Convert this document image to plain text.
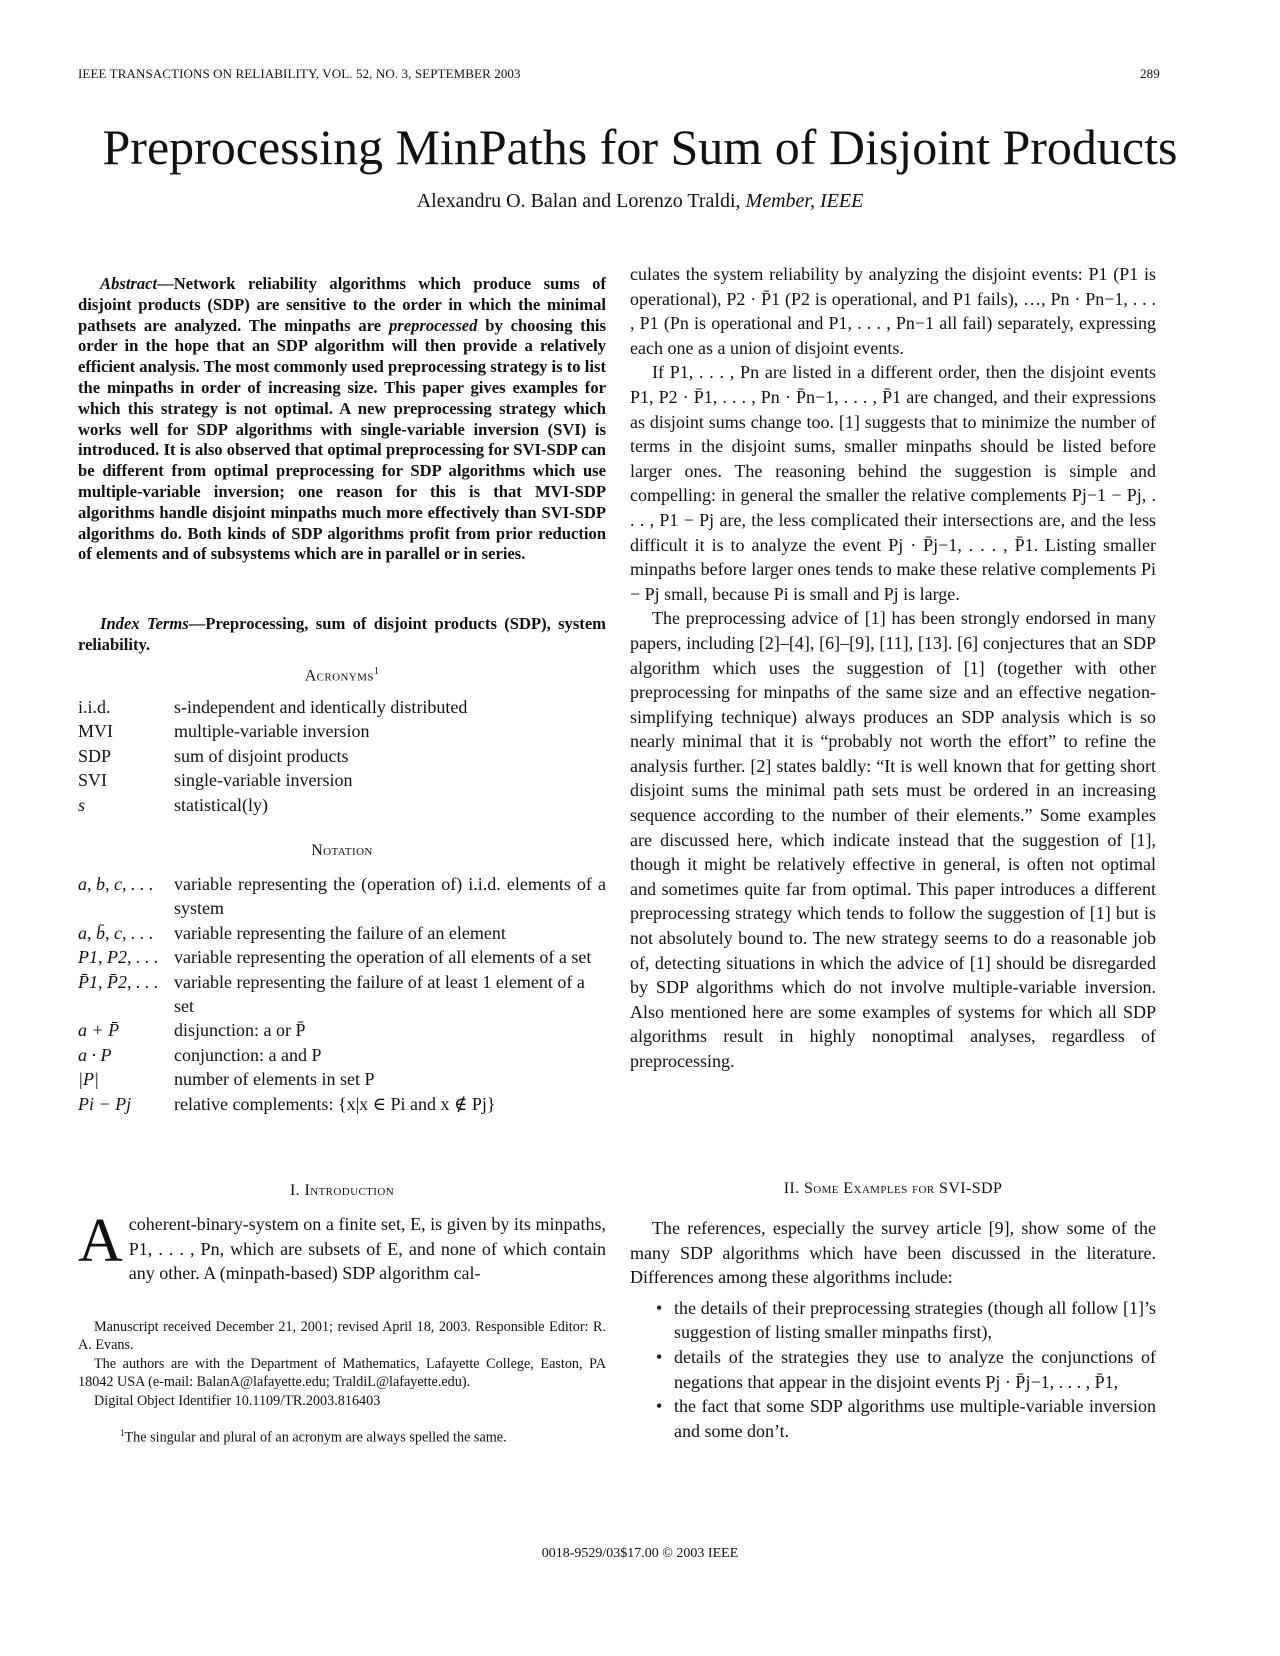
IEEE TRANSACTIONS ON RELIABILITY, VOL. 52, NO. 3, SEPTEMBER 2003	289
Preprocessing MinPaths for Sum of Disjoint Products
Alexandru O. Balan and Lorenzo Traldi, Member, IEEE
Abstract—Network reliability algorithms which produce sums of disjoint products (SDP) are sensitive to the order in which the minimal pathsets are analyzed. The minpaths are preprocessed by choosing this order in the hope that an SDP algorithm will then provide a relatively efficient analysis. The most commonly used preprocessing strategy is to list the minpaths in order of increasing size. This paper gives examples for which this strategy is not optimal. A new preprocessing strategy which works well for SDP algorithms with single-variable inversion (SVI) is introduced. It is also observed that optimal preprocessing for SVI-SDP can be different from optimal preprocessing for SDP algorithms which use multiple-variable inversion; one reason for this is that MVI-SDP algorithms handle disjoint minpaths much more effectively than SVI-SDP algorithms do. Both kinds of SDP algorithms profit from prior reduction of elements and of subsystems which are in parallel or in series.
Index Terms—Preprocessing, sum of disjoint products (SDP), system reliability.
Acronyms$^1$
i.i.d.	s-independent and identically distributed
MVI	multiple-variable inversion
SDP	sum of disjoint products
SVI	single-variable inversion
s	statistical(ly)
Notation
a, b, c, . . .	variable representing the (operation of) i.i.d. elements of a system
a, b̄, c, . . .	variable representing the failure of an element
P1, P2, . . .	variable representing the operation of all elements of a set
P̄1, P̄2, . . .	variable representing the failure of at least 1 element of a set
a + P̄	disjunction: a or P̄
a · P	conjunction: a and P
|P|	number of elements in set P
Pi − Pj	relative complements: {x|x ∈ Pi and x ∉ Pj}
I. Introduction
Acoherent-binary-system on a finite set, E, is given by its minpaths, P1, . . . , Pn, which are subsets of E, and none of which contain any other. A (minpath-based) SDP algorithm cal-

Manuscript received December 21, 2001; revised April 18, 2003. Responsible Editor: R. A. Evans.

The authors are with the Department of Mathematics, Lafayette College, Easton, PA 18042 USA (e-mail: BalanA@lafayette.edu; TraldiL@lafayette.edu).

Digital Object Identifier 10.1109/TR.2003.816403

$^1$The singular and plural of an acronym are always spelled the same.

culates the system reliability by analyzing the disjoint events: P1 (P1 is operational), P2 · P̄1 (P2 is operational, and P1 fails), …, Pn · Pn−1, . . . , P1 (Pn is operational and P1, . . . , Pn−1 all fail) separately, expressing each one as a union of disjoint events.

If P1, . . . , Pn are listed in a different order, then the disjoint events P1, P2 · P̄1, . . . , Pn · P̄n−1, . . . , P̄1 are changed, and their expressions as disjoint sums change too. [1] suggests that to minimize the number of terms in the disjoint sums, smaller minpaths should be listed before larger ones. The reasoning behind the suggestion is simple and compelling: in general the smaller the relative complements Pj−1 − Pj, . . . , P1 − Pj are, the less complicated their intersections are, and the less difficult it is to analyze the event Pj · P̄j−1, . . . , P̄1. Listing smaller minpaths before larger ones tends to make these relative complements Pi − Pj small, because Pi is small and Pj is large.

The preprocessing advice of [1] has been strongly endorsed in many papers, including [2]–[4], [6]–[9], [11], [13]. [6] conjectures that an SDP algorithm which uses the suggestion of [1] (together with other preprocessing for minpaths of the same size and an effective negation-simplifying technique) always produces an SDP analysis which is so nearly minimal that it is “probably not worth the effort” to refine the analysis further. [2] states baldly: “It is well known that for getting short disjoint sums the minimal path sets must be ordered in an increasing sequence according to the number of their elements.” Some examples are discussed here, which indicate instead that the suggestion of [1], though it might be relatively effective in general, is often not optimal and sometimes quite far from optimal. This paper introduces a different preprocessing strategy which tends to follow the suggestion of [1] but is not absolutely bound to. The new strategy seems to do a reasonable job of, detecting situations in which the advice of [1] should be disregarded by SDP algorithms which do not involve multiple-variable inversion. Also mentioned here are some examples of systems for which all SDP algorithms result in highly nonoptimal analyses, regardless of preprocessing.

II. Some Examples for SVI-SDP

The references, especially the survey article [9], show some of the many SDP algorithms which have been discussed in the literature. Differences among these algorithms include:

• the details of their preprocessing strategies (though all follow [1]’s suggestion of listing smaller minpaths first),
• details of the strategies they use to analyze the conjunctions of negations that appear in the disjoint events Pj · P̄j−1, . . . , P̄1,
• the fact that some SDP algorithms use multiple-variable inversion and some don’t.
0018-9529/03$17.00 © 2003 IEEE
